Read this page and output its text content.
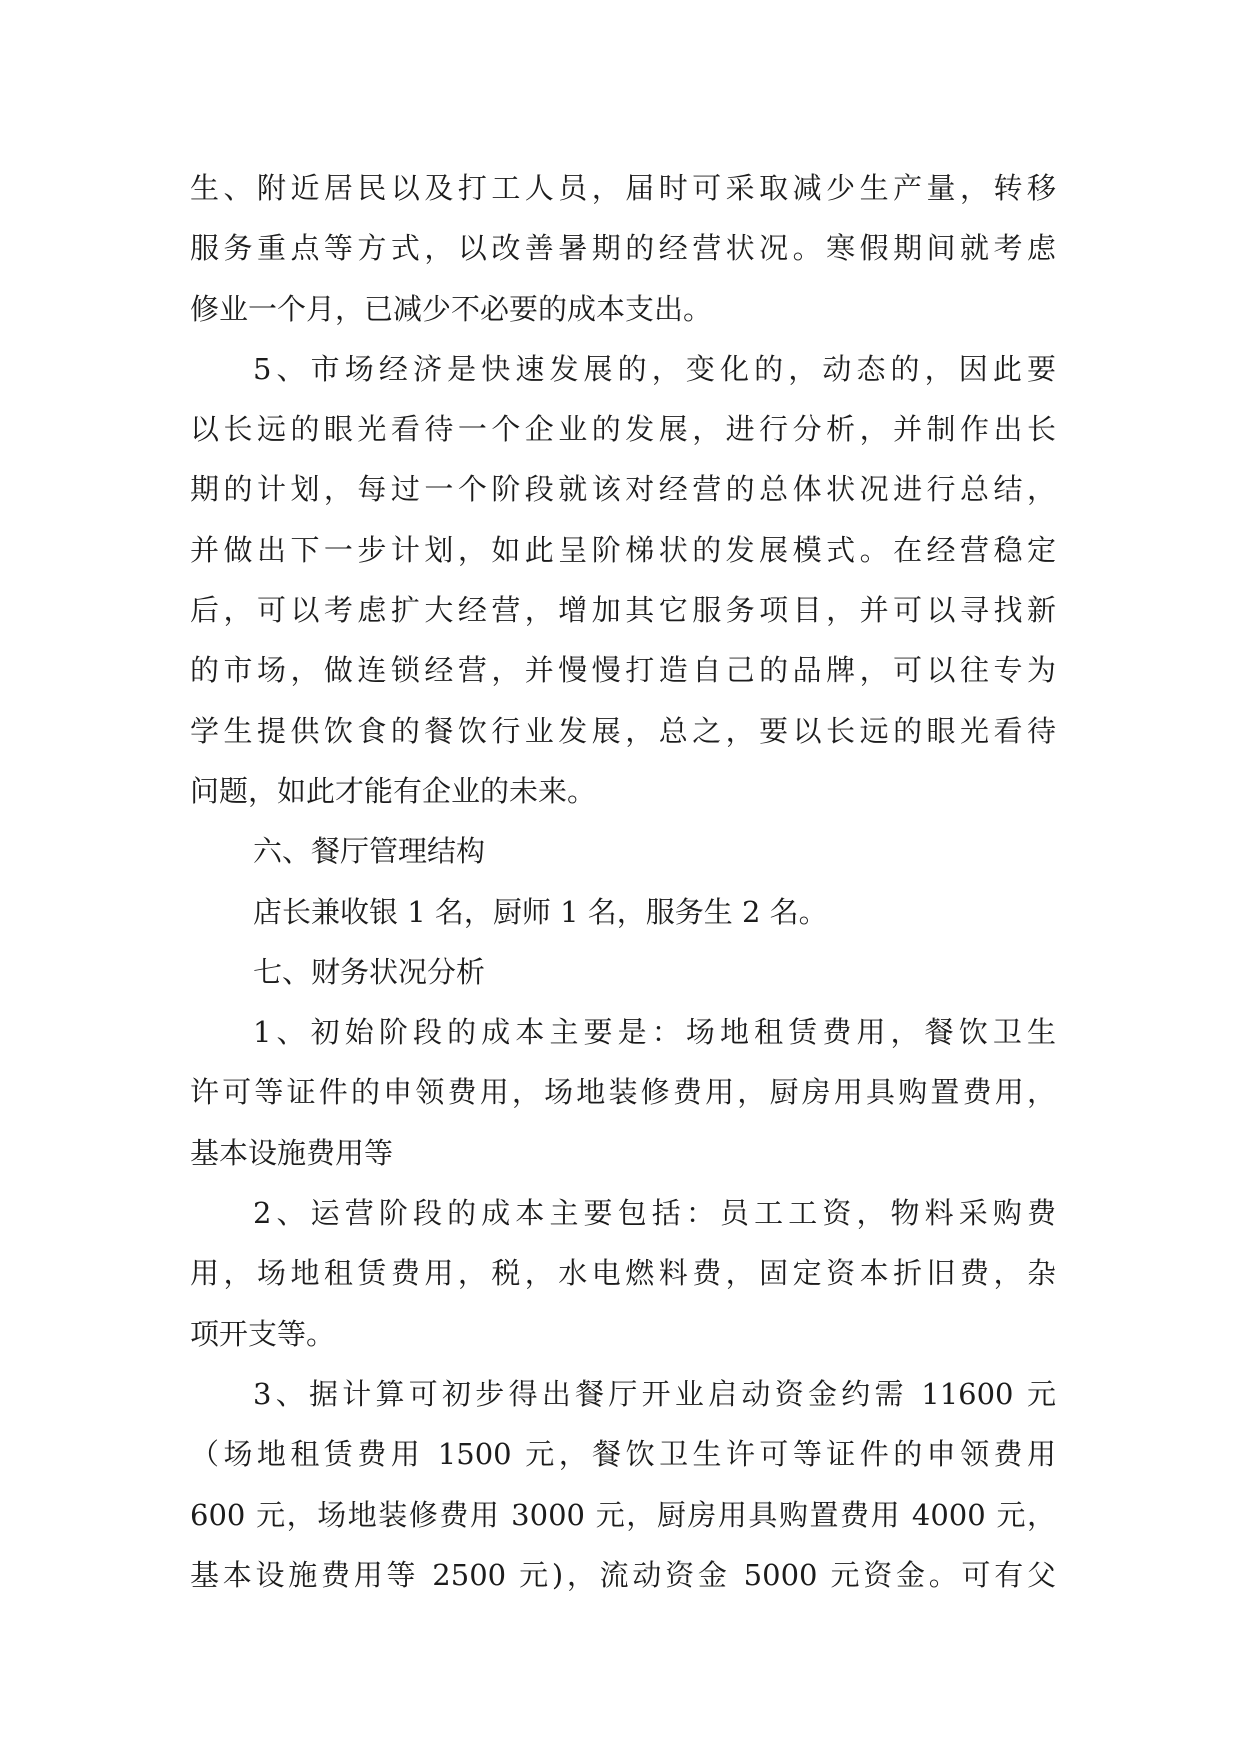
生、附近居民以及打工人员，届时可采取减少生产量，转移
服务重点等方式，以改善暑期的经营状况。寒假期间就考虑
修业一个月，已减少不必要的成本支出。
5、市场经济是快速发展的，变化的，动态的，因此要
以长远的眼光看待一个企业的发展，进行分析，并制作出长
期的计划，每过一个阶段就该对经营的总体状况进行总结，
并做出下一步计划，如此呈阶梯状的发展模式。在经营稳定
后，可以考虑扩大经营，增加其它服务项目，并可以寻找新
的市场，做连锁经营，并慢慢打造自己的品牌，可以往专为
学生提供饮食的餐饮行业发展，总之，要以长远的眼光看待
问题，如此才能有企业的未来。
六、餐厅管理结构
店长兼收银 1 名，厨师 1 名，服务生 2 名。
七、财务状况分析
1、初始阶段的成本主要是：场地租赁费用，餐饮卫生
许可等证件的申领费用，场地装修费用，厨房用具购置费用，
基本设施费用等
2、运营阶段的成本主要包括：员工工资，物料采购费
用，场地租赁费用，税，水电燃料费，固定资本折旧费，杂
项开支等。
3、据计算可初步得出餐厅开业启动资金约需 11600 元
（场地租赁费用 1500 元，餐饮卫生许可等证件的申领费用
600 元，场地装修费用 3000 元，厨房用具购置费用 4000 元，
基本设施费用等 2500 元)，流动资金 5000 元资金。可有父
